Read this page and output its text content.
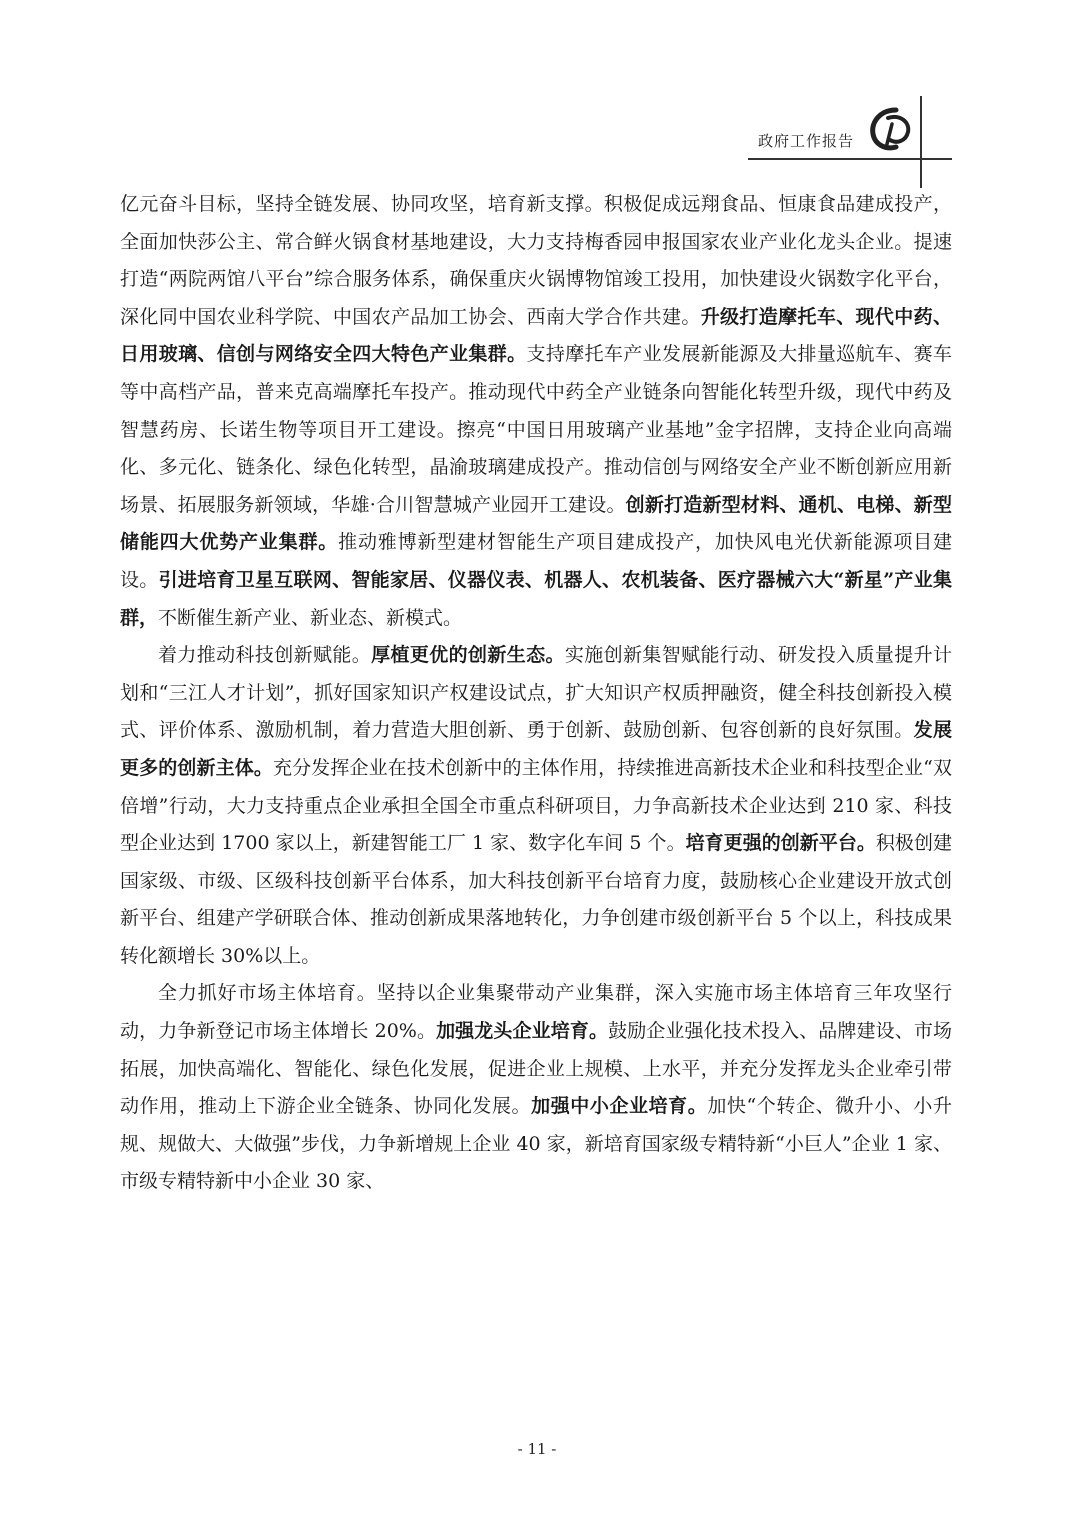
政府工作报告

亿元奋斗目标，坚持全链发展、协同攻坚，培育新支撑。积极促成远翔食品、恒康食品建成投产，全面加快莎公主、常合鲜火锅食材基地建设，大力支持梅香园申报国家农业产业化龙头企业。提速打造“两院两馆八平台”综合服务体系，确保重庆火锅博物馆竣工投用，加快建设火锅数字化平台，深化同中国农业科学院、中国农产品加工协会、西南大学合作共建。升级打造摩托车、现代中药、日用玻璃、信创与网络安全四大特色产业集群。支持摩托车产业发展新能源及大排量巡航车、赛车等中高档产品，普来克高端摩托车投产。推动现代中药全产业链条向智能化转型升级，现代中药及智慧药房、长诺生物等项目开工建设。擦亮“中国日用玻璃产业基地”金字招牌，支持企业向高端化、多元化、链条化、绿色化转型，晶渝玻璃建成投产。推动信创与网络安全产业不断创新应用新场景、拓展服务新领域，华雄·合川智慧城产业园开工建设。创新打造新型材料、通机、电梯、新型储能四大优势产业集群。推动雅博新型建材智能生产项目建成投产，加快风电光伏新能源项目建设。引进培育卫星互联网、智能家居、仪器仪表、机器人、农机装备、医疗器械六大“新星”产业集群，不断催生新产业、新业态、新模式。

着力推动科技创新赋能。厚植更优的创新生态。实施创新集智赋能行动、研发投入质量提升计划和“三江人才计划”，抓好国家知识产权建设试点，扩大知识产权质押融资，健全科技创新投入模式、评价体系、激励机制，着力营造大胆创新、勇于创新、鼓励创新、包容创新的良好氛围。发展更多的创新主体。充分发挥企业在技术创新中的主体作用，持续推进高新技术企业和科技型企业“双倍增”行动，大力支持重点企业承担全国全市重点科研项目，力争高新技术企业达到 210 家、科技型企业达到 1700 家以上，新建智能工厂 1 家、数字化车间 5 个。培育更强的创新平台。积极创建国家级、市级、区级科技创新平台体系，加大科技创新平台培育力度，鼓励核心企业建设开放式创新平台、组建产学研联合体、推动创新成果落地转化，力争创建市级创新平台 5 个以上，科技成果转化额增长 30%以上。

全力抓好市场主体培育。坚持以企业集聚带动产业集群，深入实施市场主体培育三年攻坚行动，力争新登记市场主体增长 20%。加强龙头企业培育。鼓励企业强化技术投入、品牌建设、市场拓展，加快高端化、智能化、绿色化发展，促进企业上规模、上水平，并充分发挥龙头企业牵引带动作用，推动上下游企业全链条、协同化发展。加强中小企业培育。加快“个转企、微升小、小升规、规做大、大做强”步伐，力争新增规上企业 40 家，新培育国家级专精特新“小巨人”企业 1 家、市级专精特新中小企业 30 家、

- 11 -
